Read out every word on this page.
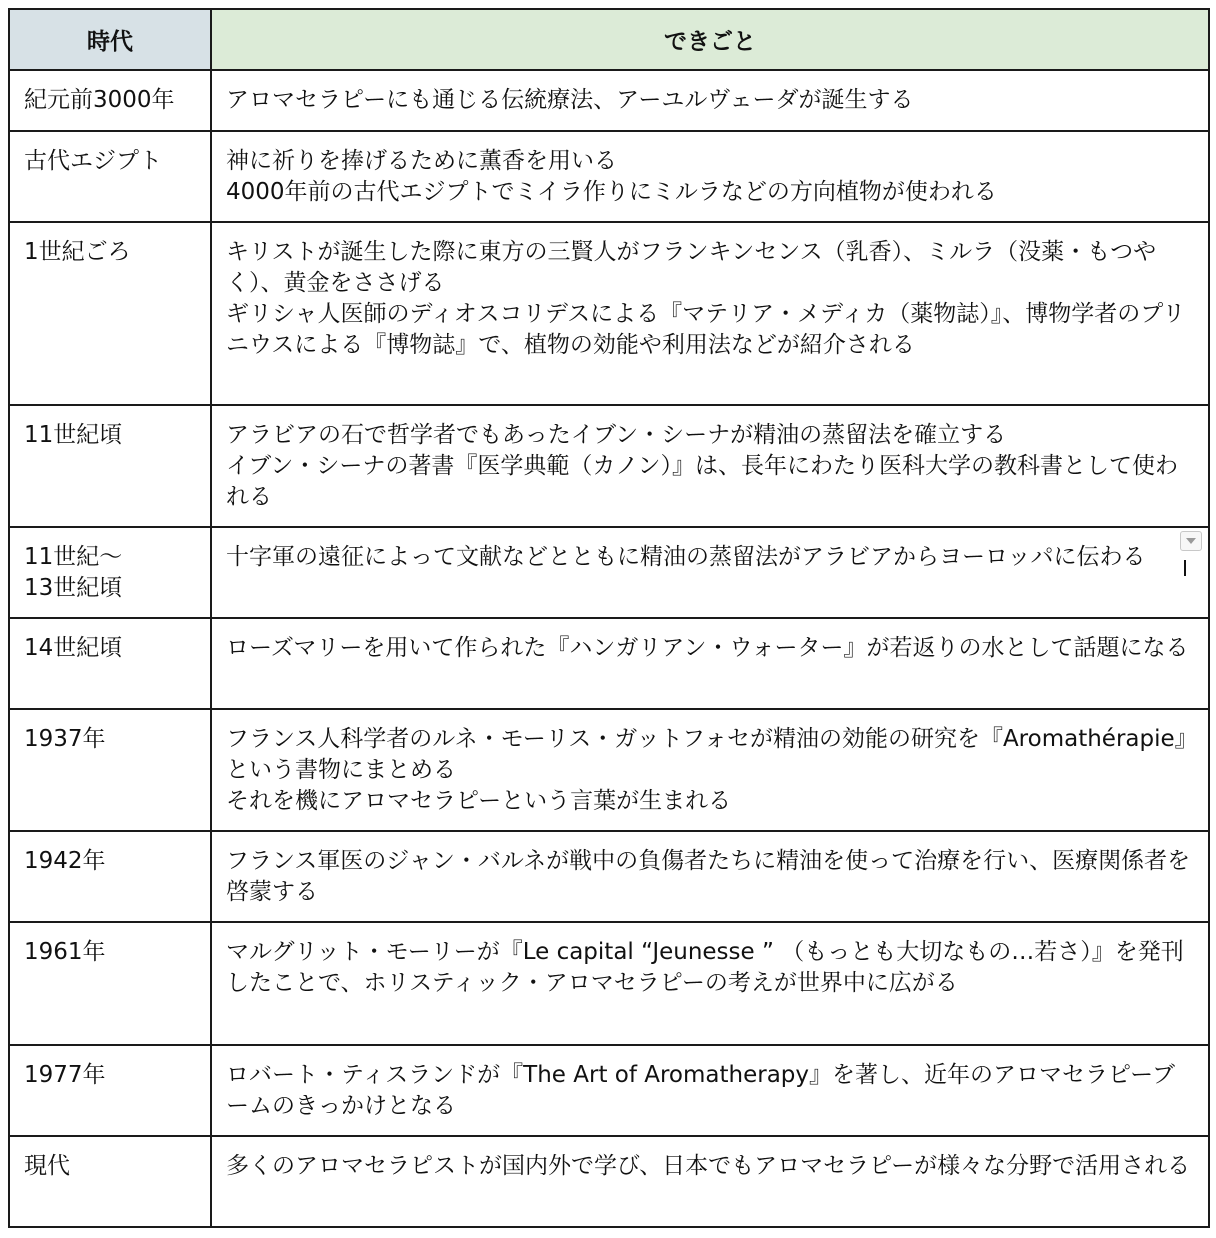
時代	できごと
紀元前3000年	アロマセラピーにも通じる伝統療法、アーユルヴェーダが誕生する

古代エジプト	神に祈りを捧げるために薫香を用いる
4000年前の古代エジプトでミイラ作りにミルラなどの方向植物が使われる

1世紀ごろ	キリストが誕生した際に東方の三賢人がフランキンセンス（乳香）、ミルラ（没薬・もつやく）、黄金をささげる
ギリシャ人医師のディオスコリデスによる『マテリア・メディカ（薬物誌）』、博物学者のプリニウスによる『博物誌』で、植物の効能や利用法などが紹介される

11世紀頃	アラビアの石で哲学者でもあったイブン・シーナが精油の蒸留法を確立する
イブン・シーナの著書『医学典範（カノン）』は、長年にわたり医科大学の教科書として使われる

11世紀〜
13世紀頃	十字軍の遠征によって文献などとともに精油の蒸留法がアラビアからヨーロッパに伝わる

14世紀頃	ローズマリーを用いて作られた『ハンガリアン・ウォーター』が若返りの水として話題になる

1937年	フランス人科学者のルネ・モーリス・ガットフォセが精油の効能の研究を『Aromathérapie』という書物にまとめる
それを機にアロマセラピーという言葉が生まれる

1942年	フランス軍医のジャン・バルネが戦中の負傷者たちに精油を使って治療を行い、医療関係者を啓蒙する

1961年	マルグリット・モーリーが『Le capital “Jeunesse ” （もっとも大切なもの…若さ）』を発刊したことで、ホリスティック・アロマセラピーの考えが世界中に広がる

1977年	ロバート・ティスランドが『The Art of Aromatherapy』を著し、近年のアロマセラピーブームのきっかけとなる

現代	多くのアロマセラピストが国内外で学び、日本でもアロマセラピーが様々な分野で活用される
